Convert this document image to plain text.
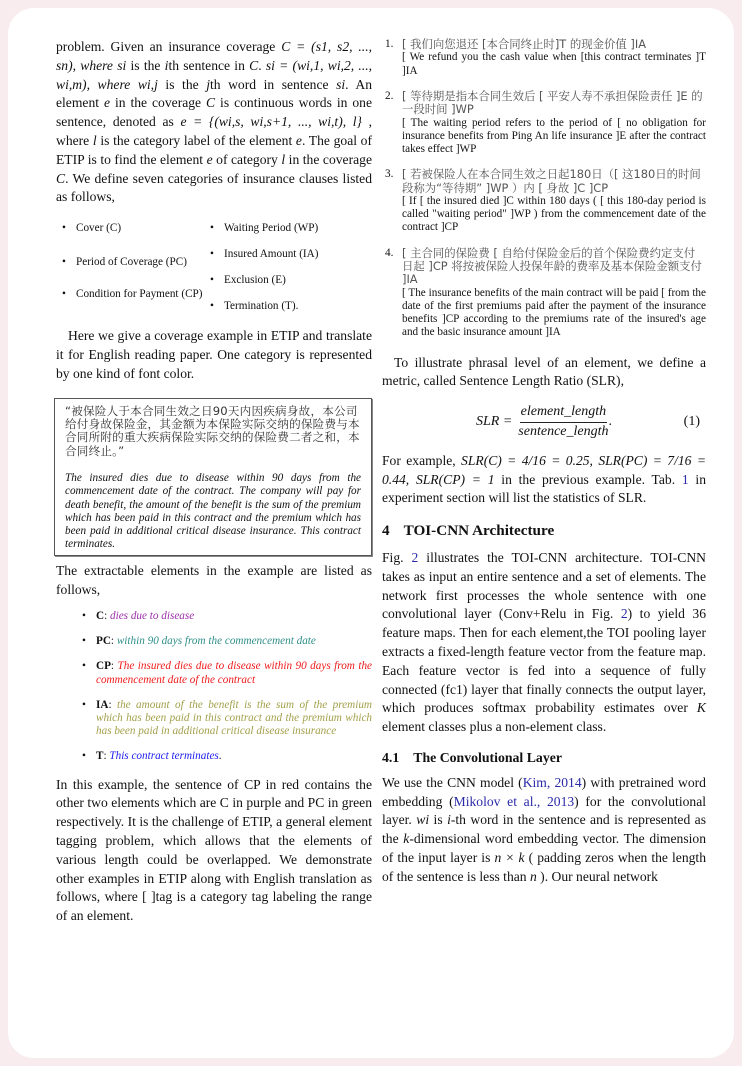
problem. Given an insurance coverage C = (s1, s2, ..., sn), where si is the ith sentence in C. si = (wi,1, wi,2, ..., wi,m), where wi,j is the jth word in sentence si. An element e in the coverage C is continuous words in one sentence, denoted as e = {(wi,s, wi,s+1, ..., wi,t), l} , where l is the category label of the element e. The goal of ETIP is to find the element e of category l in the coverage C. We define seven categories of insurance clauses listed as follows,

• Cover (C)
• Period of Coverage (PC)
• Condition for Payment (CP)
• Waiting Period (WP)
• Insured Amount (IA)
• Exclusion (E)
• Termination (T).

Here we give a coverage example in ETIP and translate it for English reading paper. One category is represented by one kind of font color.

“被保险人于本合同生效之日90天内因疾病身故，本公司给付身故保险金，其金额为本保险实际交纳的保险费与本合同所附的重大疾病保险实际交纳的保险费二者之和，本合同终止。”
The insured dies due to disease within 90 days from the commencement date of the contract. The company will pay for death benefit, the amount of the benefit is the sum of the premium which has been paid in this contract and the premium which has been paid in additional critical disease insurance. This contract terminates.

The extractable elements in the example are listed as follows,

• C: dies due to disease
• PC: within 90 days from the commencement date
• CP: The insured dies due to disease within 90 days from the commencement date of the contract
• IA: the amount of the benefit is the sum of the premium which has been paid in this contract and the premium which has been paid in additional critical disease insurance
• T: This contract terminates.

In this example, the sentence of CP in red contains the other two elements which are C in purple and PC in green respectively. It is the challenge of ETIP, a general element tagging problem, which allows that the elements of various length could be overlapped. We demonstrate other examples in ETIP along with English translation as follows, where [ ]tag is a category tag labeling the range of an element.

1. [ 我们向您退还 [本合同终止时]T 的现金价值 ]IA
[ We refund you the cash value when [this contract terminates ]T ]IA
2. [ 等待期是指本合同生效后 [ 平安人寿不承担保险责任 ]E 的一段时间 ]WP
[ The waiting period refers to the period of [ no obligation for insurance benefits from Ping An life insurance ]E after the contract takes effect ]WP
3. [ 若被保险人在本合同生效之日起180日（[ 这180日的时间段称为“等待期” ]WP ）内 [ 身故 ]C ]CP
[ If [ the insured died ]C within 180 days ( [ this 180-day period is called "waiting period" ]WP ) from the commencement date of the contract ]CP
4. [ 主合同的保险费 [ 自给付保险金后的首个保险费约定支付日起 ]CP 将按被保险人投保年龄的费率及基本保险金额支付 ]IA
[ The insurance benefits of the main contract will be paid [ from the date of the first premiums paid after the payment of the insurance benefits ]CP according to the premiums rate of the insured's age and the basic insurance amount ]IA

To illustrate phrasal level of an element, we define a metric, called Sentence Length Ratio (SLR),

SLR = $\frac{\text{element\_length}}{\text{sentence\_length}}$ .	(1)

For example, SLR(C) = 4/16 = 0.25, SLR(PC) = 7/16 = 0.44, SLR(CP) = 1 in the previous example. Tab. 1 in experiment section will list the statistics of SLR.

4 TOI-CNN Architecture

Fig. 2 illustrates the TOI-CNN architecture. TOI-CNN takes as input an entire sentence and a set of elements. The network first processes the whole sentence with one convolutional layer (Conv+Relu in Fig. 2) to yield 36 feature maps. Then for each element,the TOI pooling layer extracts a fixed-length feature vector from the feature map. Each feature vector is fed into a sequence of fully connected (fc1) layer that finally connects the output layer, which produces softmax probability estimates over K element classes plus a non-element class.

4.1 The Convolutional Layer

We use the CNN model (Kim, 2014) with pretrained word embedding (Mikolov et al., 2013) for the convolutional layer. wi is i-th word in the sentence and is represented as the k-dimensional word embedding vector. The dimension of the input layer is n × k ( padding zeros when the length of the sentence is less than n ). Our neural network
